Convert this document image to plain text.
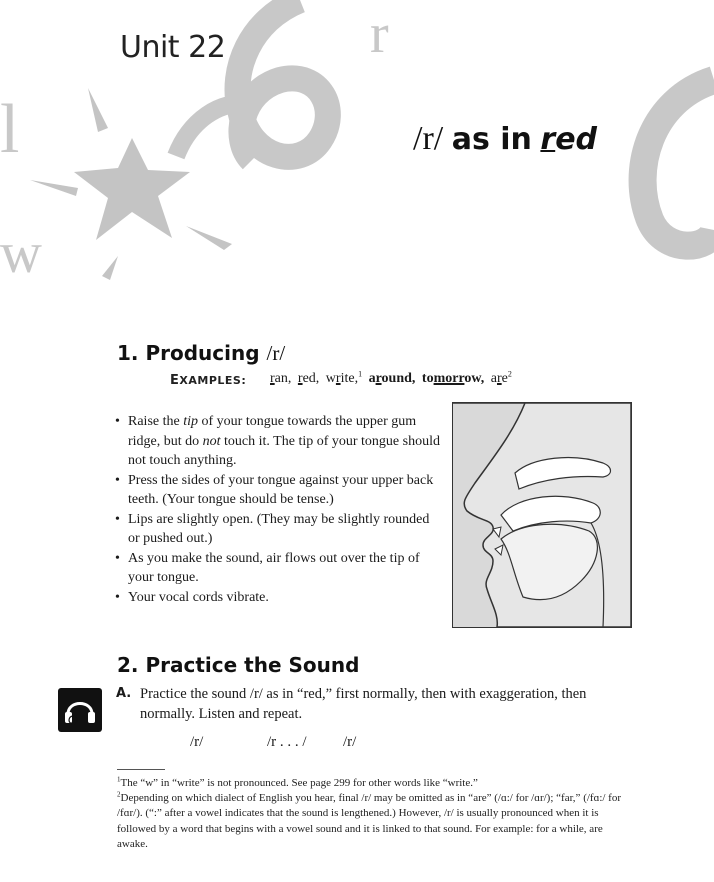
r
l
w
Unit 22
/r/ as in red
1. Producing /r/
EXAMPLES: ran, red, write,$^1$ around, tomorrow, are$^2$
• Raise the tip of your tongue towards the upper gum ridge, but do not touch it. The tip of your tongue should not touch anything.
• Press the sides of your tongue against your upper back teeth. (Your tongue should be tense.)
• Lips are slightly open. (They may be slightly rounded or pushed out.)
• As you make the sound, air flows out over the tip of your tongue.
• Your vocal cords vibrate.
2. Practice the Sound
A. Practice the sound /r/ as in “red,” first normally, then with exaggeration, then normally. Listen and repeat.
/r/	/r . . . / /r/

$^1$The “w” in “write” is not pronounced. See page 299 for other words like “write.”

$^2$Depending on which dialect of English you hear, final /r/ may be omitted as in “are” (/ɑ:/ for /ɑr/); “far,” (/fɑ:/ for /fɑr/). (“:” after a vowel indicates that the sound is lengthened.) However, /r/ is usually pronounced when it is followed by a word that begins with a vowel sound and it is linked to that sound. For example: for a while, are awake.
